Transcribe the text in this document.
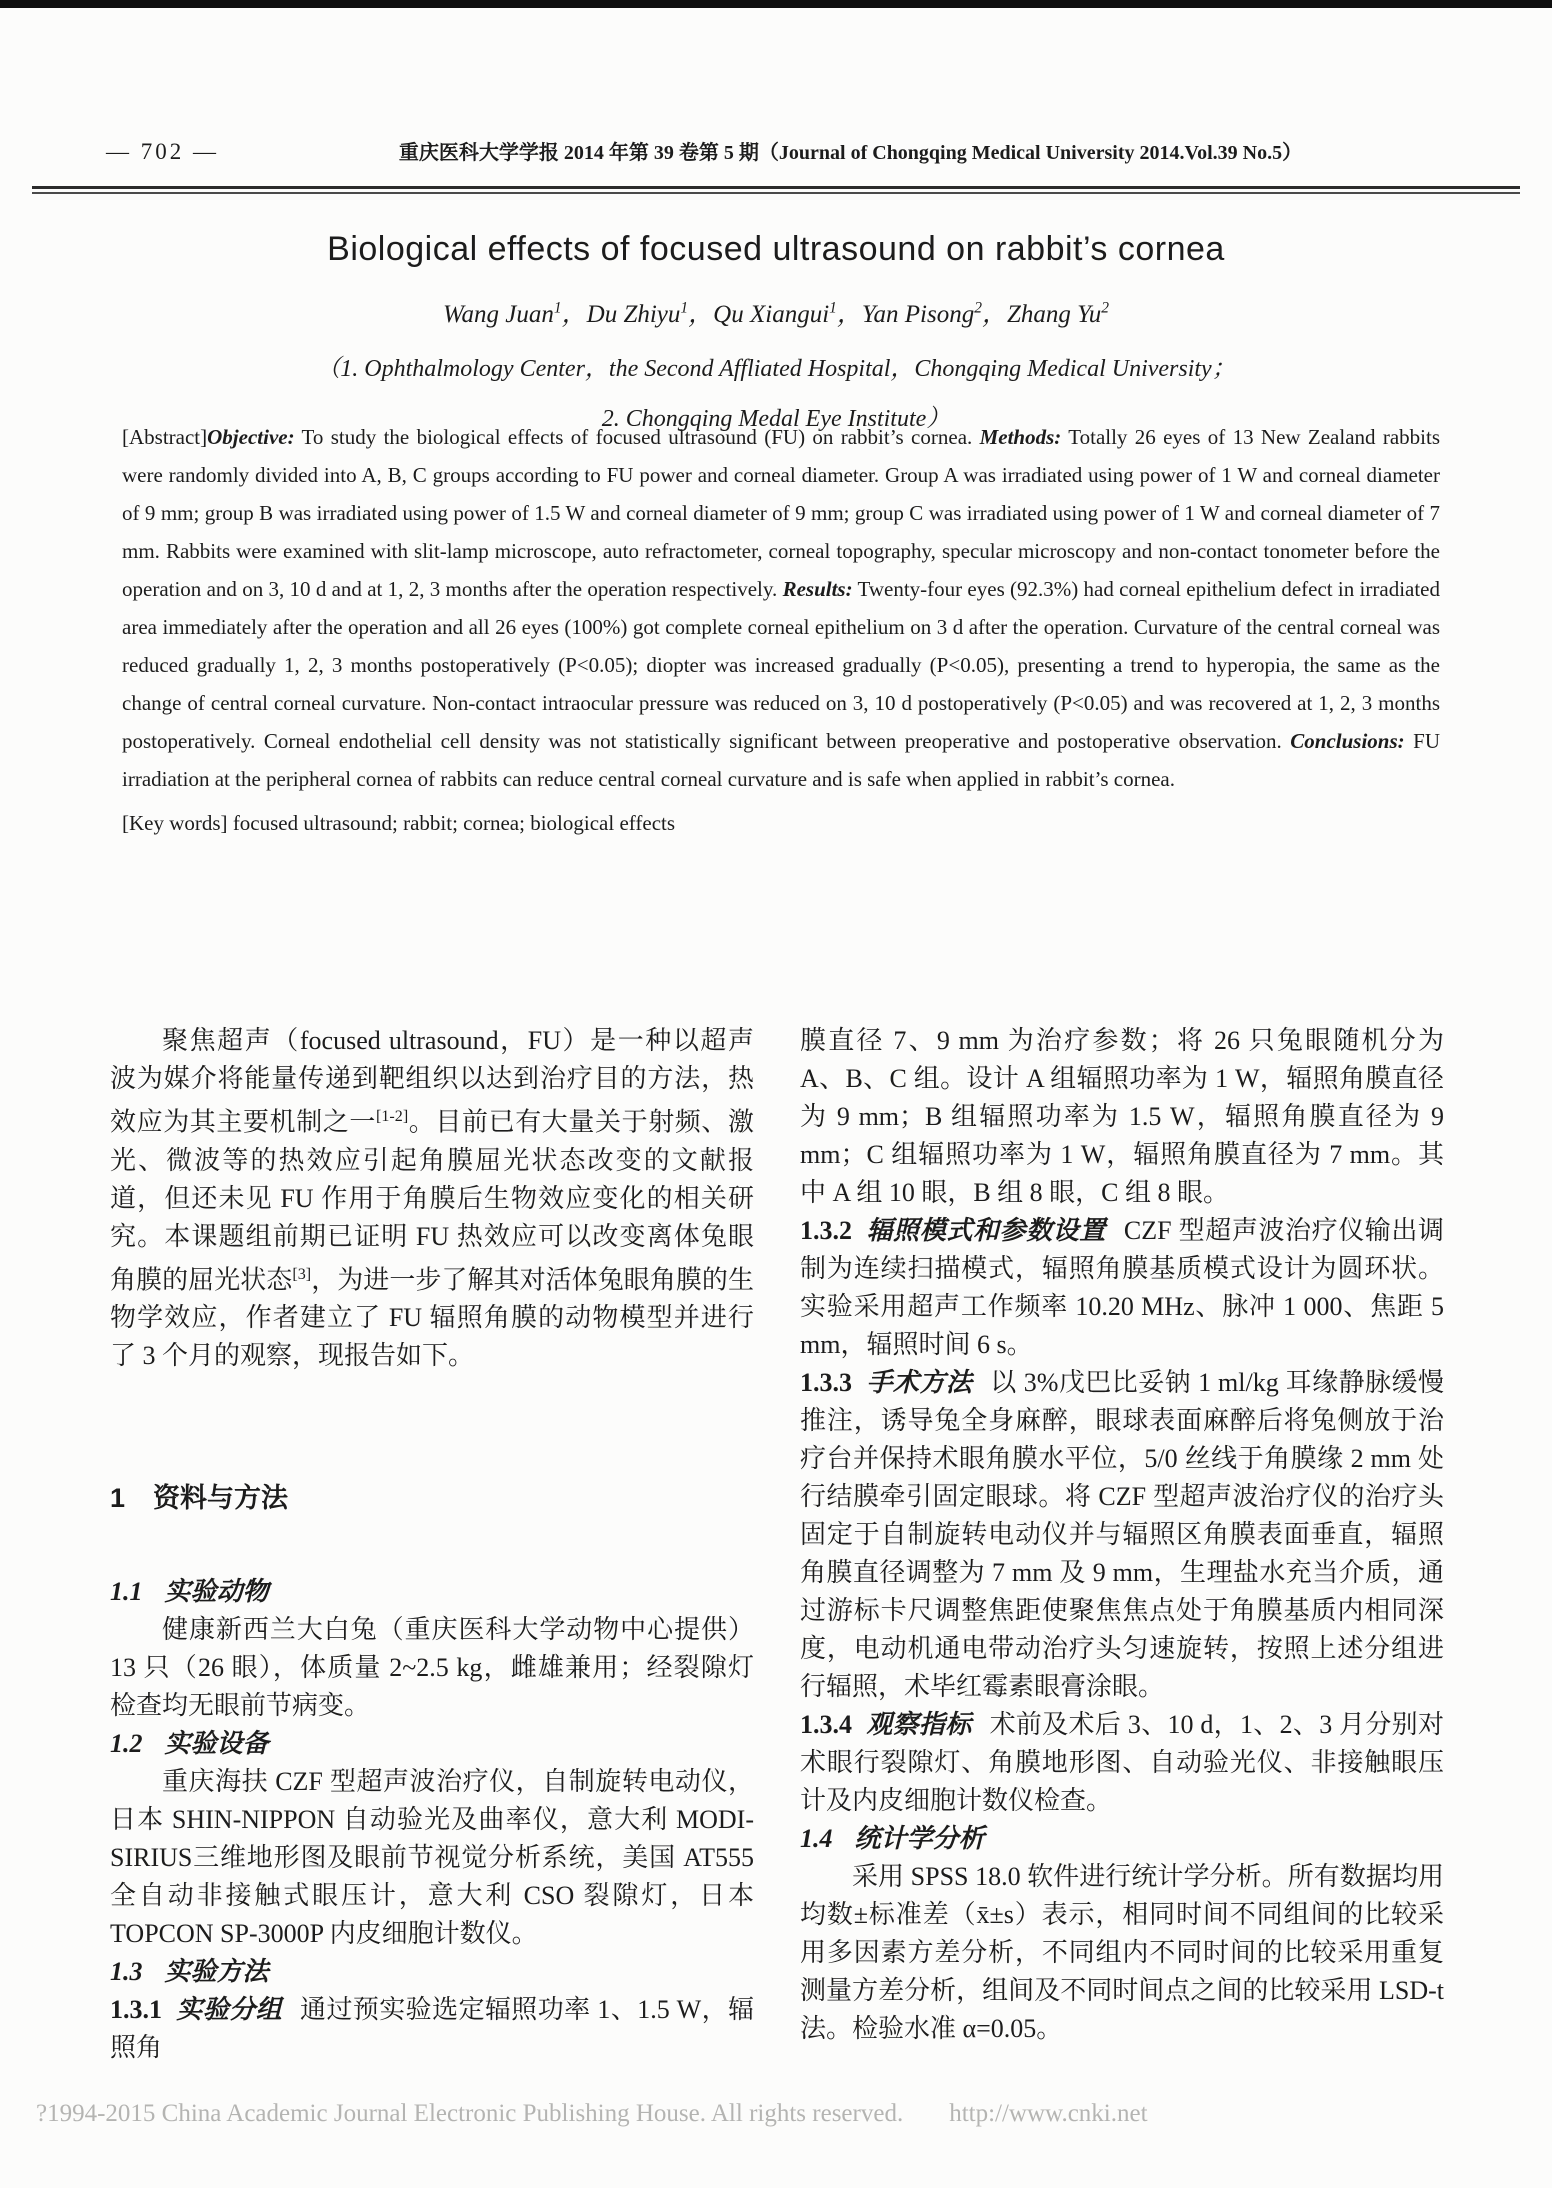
— 702 —	重庆医科大学学报 2014 年第 39 卷第 5 期（Journal of Chongqing Medical University 2014.Vol.39 No.5）
Biological effects of focused ultrasound on rabbit’s cornea
Wang Juan$^1$，Du Zhiyu$^1$，Qu Xiangui$^1$，Yan Pisong$^2$，Zhang Yu$^2$
（1. Ophthalmology Center，the Second Affliated Hospital，Chongqing Medical University；
2. Chongqing Medal Eye Institute）
[Abstract]Objective: To study the biological effects of focused ultrasound (FU) on rabbit’s cornea. Methods: Totally 26 eyes of 13 New Zealand rabbits were randomly divided into A, B, C groups according to FU power and corneal diameter. Group A was irradiated using power of 1 W and corneal diameter of 9 mm; group B was irradiated using power of 1.5 W and corneal diameter of 9 mm; group C was irradiated using power of 1 W and corneal diameter of 7 mm. Rabbits were examined with slit-lamp microscope, auto refractometer, corneal topography, specular microscopy and non-contact tonometer before the operation and on 3, 10 d and at 1, 2, 3 months after the operation respectively. Results: Twenty-four eyes (92.3%) had corneal epithelium defect in irradiated area immediately after the operation and all 26 eyes (100%) got complete corneal epithelium on 3 d after the operation. Curvature of the central corneal was reduced gradually 1, 2, 3 months postoperatively (P<0.05); diopter was increased gradually (P<0.05), presenting a trend to hyperopia, the same as the change of central corneal curvature. Non-contact intraocular pressure was reduced on 3, 10 d postoperatively (P<0.05) and was recovered at 1, 2, 3 months postoperatively. Corneal endothelial cell density was not statistically significant between preoperative and postoperative observation. Conclusions: FU irradiation at the peripheral cornea of rabbits can reduce central corneal curvature and is safe when applied in rabbit’s cornea.
[Key words] focused ultrasound; rabbit; cornea; biological effects
聚焦超声（focused ultrasound，FU）是一种以超声波为媒介将能量传递到靶组织以达到治疗目的方法，热效应为其主要机制之一[1-2]。目前已有大量关于射频、激光、微波等的热效应引起角膜屈光状态改变的文献报道，但还未见 FU 作用于角膜后生物效应变化的相关研究。本课题组前期已证明 FU 热效应可以改变离体兔眼角膜的屈光状态[3]，为进一步了解其对活体兔眼角膜的生物学效应，作者建立了 FU 辐照角膜的动物模型并进行了 3 个月的观察，现报告如下。
1 资料与方法
1.1 实验动物
健康新西兰大白兔（重庆医科大学动物中心提供）13 只（26 眼），体质量 2~2.5 kg，雌雄兼用；经裂隙灯检查均无眼前节病变。
1.2 实验设备
重庆海扶 CZF 型超声波治疗仪，自制旋转电动仪，日本 SHIN-NIPPON 自动验光及曲率仪，意大利 MODI-SIRIUS三维地形图及眼前节视觉分析系统，美国 AT555 全自动非接触式眼压计，意大利 CSO 裂隙灯，日本 TOPCON SP-3000P 内皮细胞计数仪。
1.3 实验方法
1.3.1 实验分组 通过预实验选定辐照功率 1、1.5 W，辐照角
膜直径 7、9 mm 为治疗参数；将 26 只兔眼随机分为 A、B、C 组。设计 A 组辐照功率为 1 W，辐照角膜直径为 9 mm；B 组辐照功率为 1.5 W，辐照角膜直径为 9 mm；C 组辐照功率为 1 W，辐照角膜直径为 7 mm。其中 A 组 10 眼，B 组 8 眼，C 组 8 眼。
1.3.2 辐照模式和参数设置 CZF 型超声波治疗仪输出调制为连续扫描模式，辐照角膜基质模式设计为圆环状。实验采用超声工作频率 10.20 MHz、脉冲 1 000、焦距 5 mm，辐照时间 6 s。
1.3.3 手术方法 以 3%戊巴比妥钠 1 ml/kg 耳缘静脉缓慢推注，诱导兔全身麻醉，眼球表面麻醉后将兔侧放于治疗台并保持术眼角膜水平位，5/0 丝线于角膜缘 2 mm 处行结膜牵引固定眼球。将 CZF 型超声波治疗仪的治疗头固定于自制旋转电动仪并与辐照区角膜表面垂直，辐照角膜直径调整为 7 mm 及 9 mm，生理盐水充当介质，通过游标卡尺调整焦距使聚焦焦点处于角膜基质内相同深度，电动机通电带动治疗头匀速旋转，按照上述分组进行辐照，术毕红霉素眼膏涂眼。
1.3.4 观察指标 术前及术后 3、10 d，1、2、3 月分别对术眼行裂隙灯、角膜地形图、自动验光仪、非接触眼压计及内皮细胞计数仪检查。
1.4 统计学分析
采用 SPSS 18.0 软件进行统计学分析。所有数据均用均数±标准差（x̄±s）表示，相同时间不同组间的比较采用多因素方差分析，不同组内不同时间的比较采用重复测量方差分析，组间及不同时间点之间的比较采用 LSD-t 法。检验水准 α=0.05。
?1994-2015 China Academic Journal Electronic Publishing House. All rights reserved. http://www.cnki.net
